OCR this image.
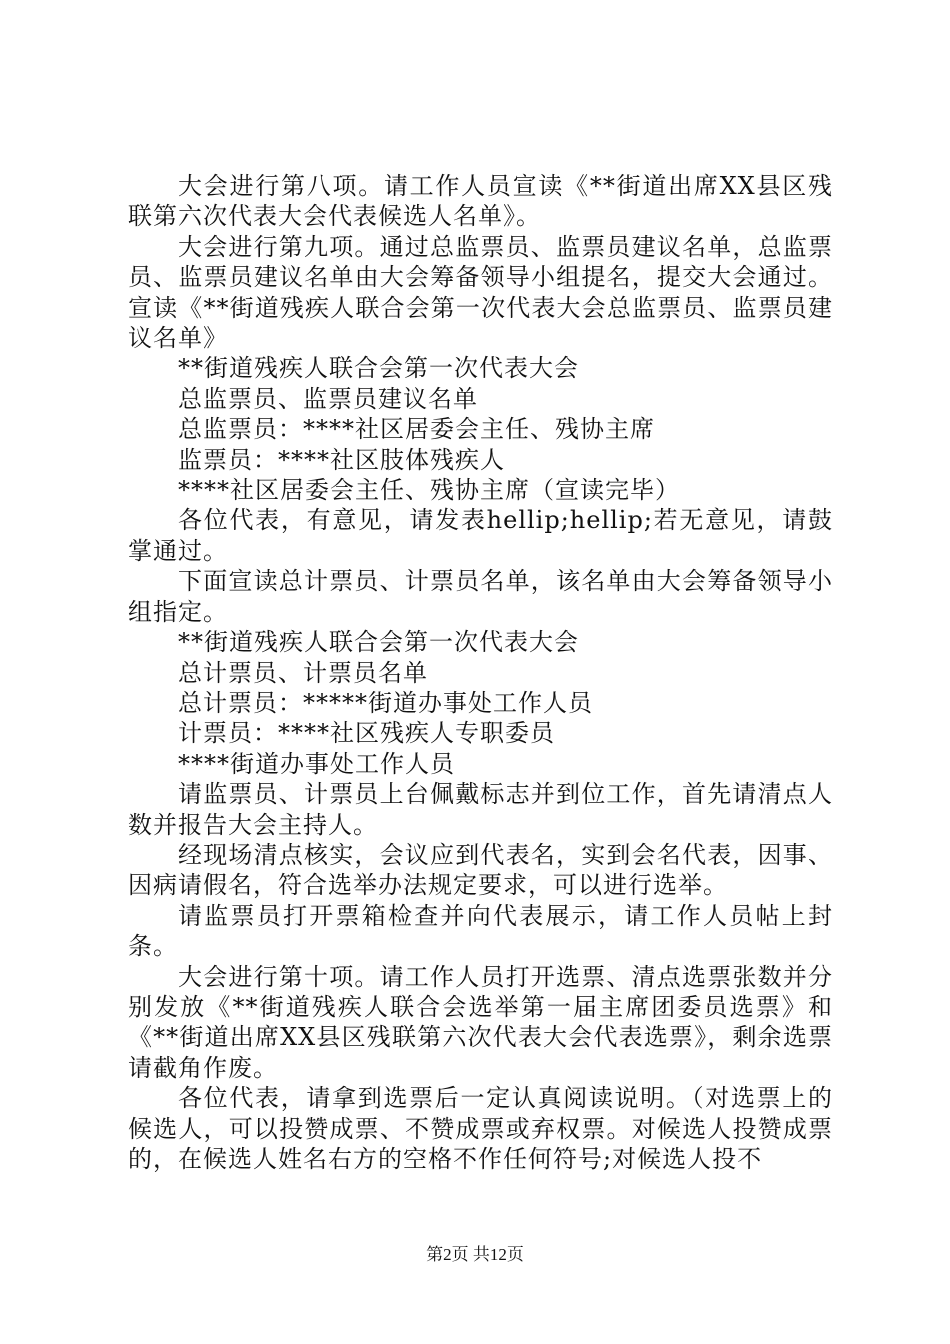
大会进行第八项。请工作人员宣读《**街道出席XX县区残联第六次代表大会代表候选人名单》。

大会进行第九项。通过总监票员、监票员建议名单，总监票员、监票员建议名单由大会筹备领导小组提名，提交大会通过。宣读《**街道残疾人联合会第一次代表大会总监票员、监票员建议名单》

**街道残疾人联合会第一次代表大会

总监票员、监票员建议名单

总监票员：****社区居委会主任、残协主席

监票员：****社区肢体残疾人

****社区居委会主任、残协主席（宣读完毕）

各位代表，有意见，请发表hellip;hellip;若无意见，请鼓掌通过。

下面宣读总计票员、计票员名单，该名单由大会筹备领导小组指定。

**街道残疾人联合会第一次代表大会

总计票员、计票员名单

总计票员：*****街道办事处工作人员

计票员：****社区残疾人专职委员

****街道办事处工作人员

请监票员、计票员上台佩戴标志并到位工作，首先请清点人数并报告大会主持人。

经现场清点核实，会议应到代表名，实到会名代表，因事、因病请假名，符合选举办法规定要求，可以进行选举。

请监票员打开票箱检查并向代表展示，请工作人员帖上封条。

大会进行第十项。请工作人员打开选票、清点选票张数并分别发放《**街道残疾人联合会选举第一届主席团委员选票》和《**街道出席XX县区残联第六次代表大会代表选票》，剩余选票请截角作废。

各位代表，请拿到选票后一定认真阅读说明。（对选票上的候选人，可以投赞成票、不赞成票或弃权票。对候选人投赞成票的，在候选人姓名右方的空格不作任何符号;对候选人投不

第2页 共12页
